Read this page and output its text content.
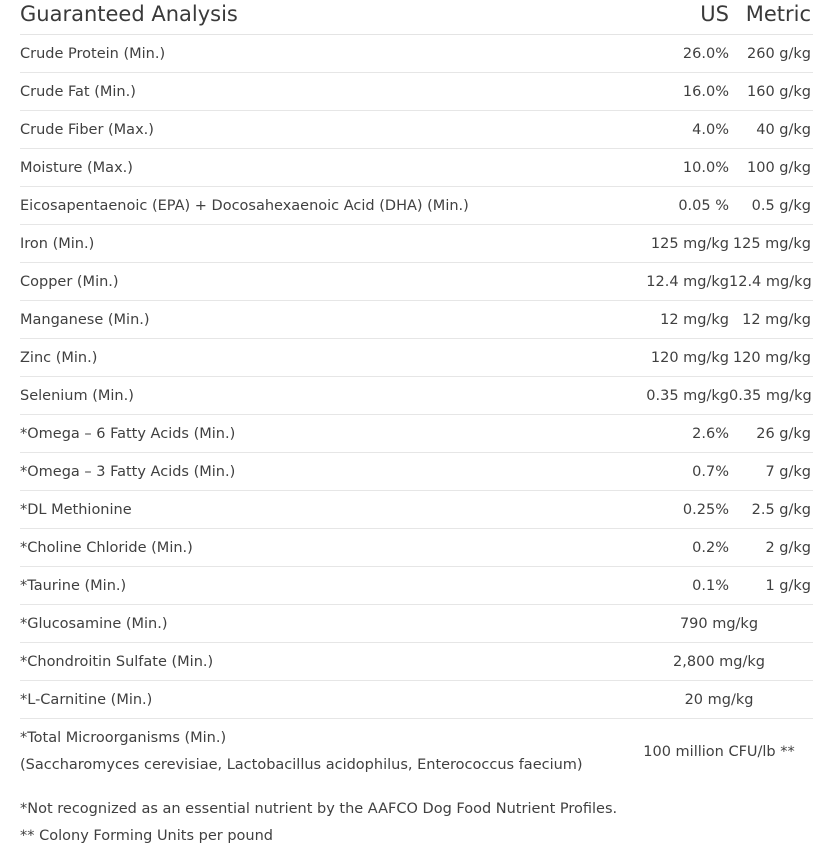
Guaranteed Analysis	US	Metric
Crude Protein (Min.)	26.0%	260 g/kg
Crude Fat (Min.)	16.0%	160 g/kg
Crude Fiber (Max.)	4.0%	40 g/kg
Moisture (Max.)	10.0%	100 g/kg
Eicosapentaenoic (EPA) + Docosahexaenoic Acid (DHA) (Min.)	0.05 %	0.5 g/kg
Iron (Min.)	125 mg/kg	125 mg/kg
Copper (Min.)	12.4 mg/kg	12.4 mg/kg
Manganese (Min.)	12 mg/kg	12 mg/kg
Zinc (Min.)	120 mg/kg	120 mg/kg
Selenium (Min.)	0.35 mg/kg	0.35 mg/kg
*Omega – 6 Fatty Acids (Min.)	2.6%	26 g/kg
*Omega – 3 Fatty Acids (Min.)	0.7%	7 g/kg
*DL Methionine	0.25%	2.5 g/kg
*Choline Chloride (Min.)	0.2%	2 g/kg
*Taurine (Min.)	0.1%	1 g/kg
*Glucosamine (Min.)	790 mg/kg	
*Chondroitin Sulfate (Min.)	2,800 mg/kg	
*L-Carnitine (Min.)	20 mg/kg	

*Total Microorganisms (Min.)
(Saccharomyces cerevisiae, Lactobacillus acidophilus, Enterococcus faecium)	100 million CFU/lb **	
*Not recognized as an essential nutrient by the AAFCO Dog Food Nutrient Profiles.
** Colony Forming Units per pound
